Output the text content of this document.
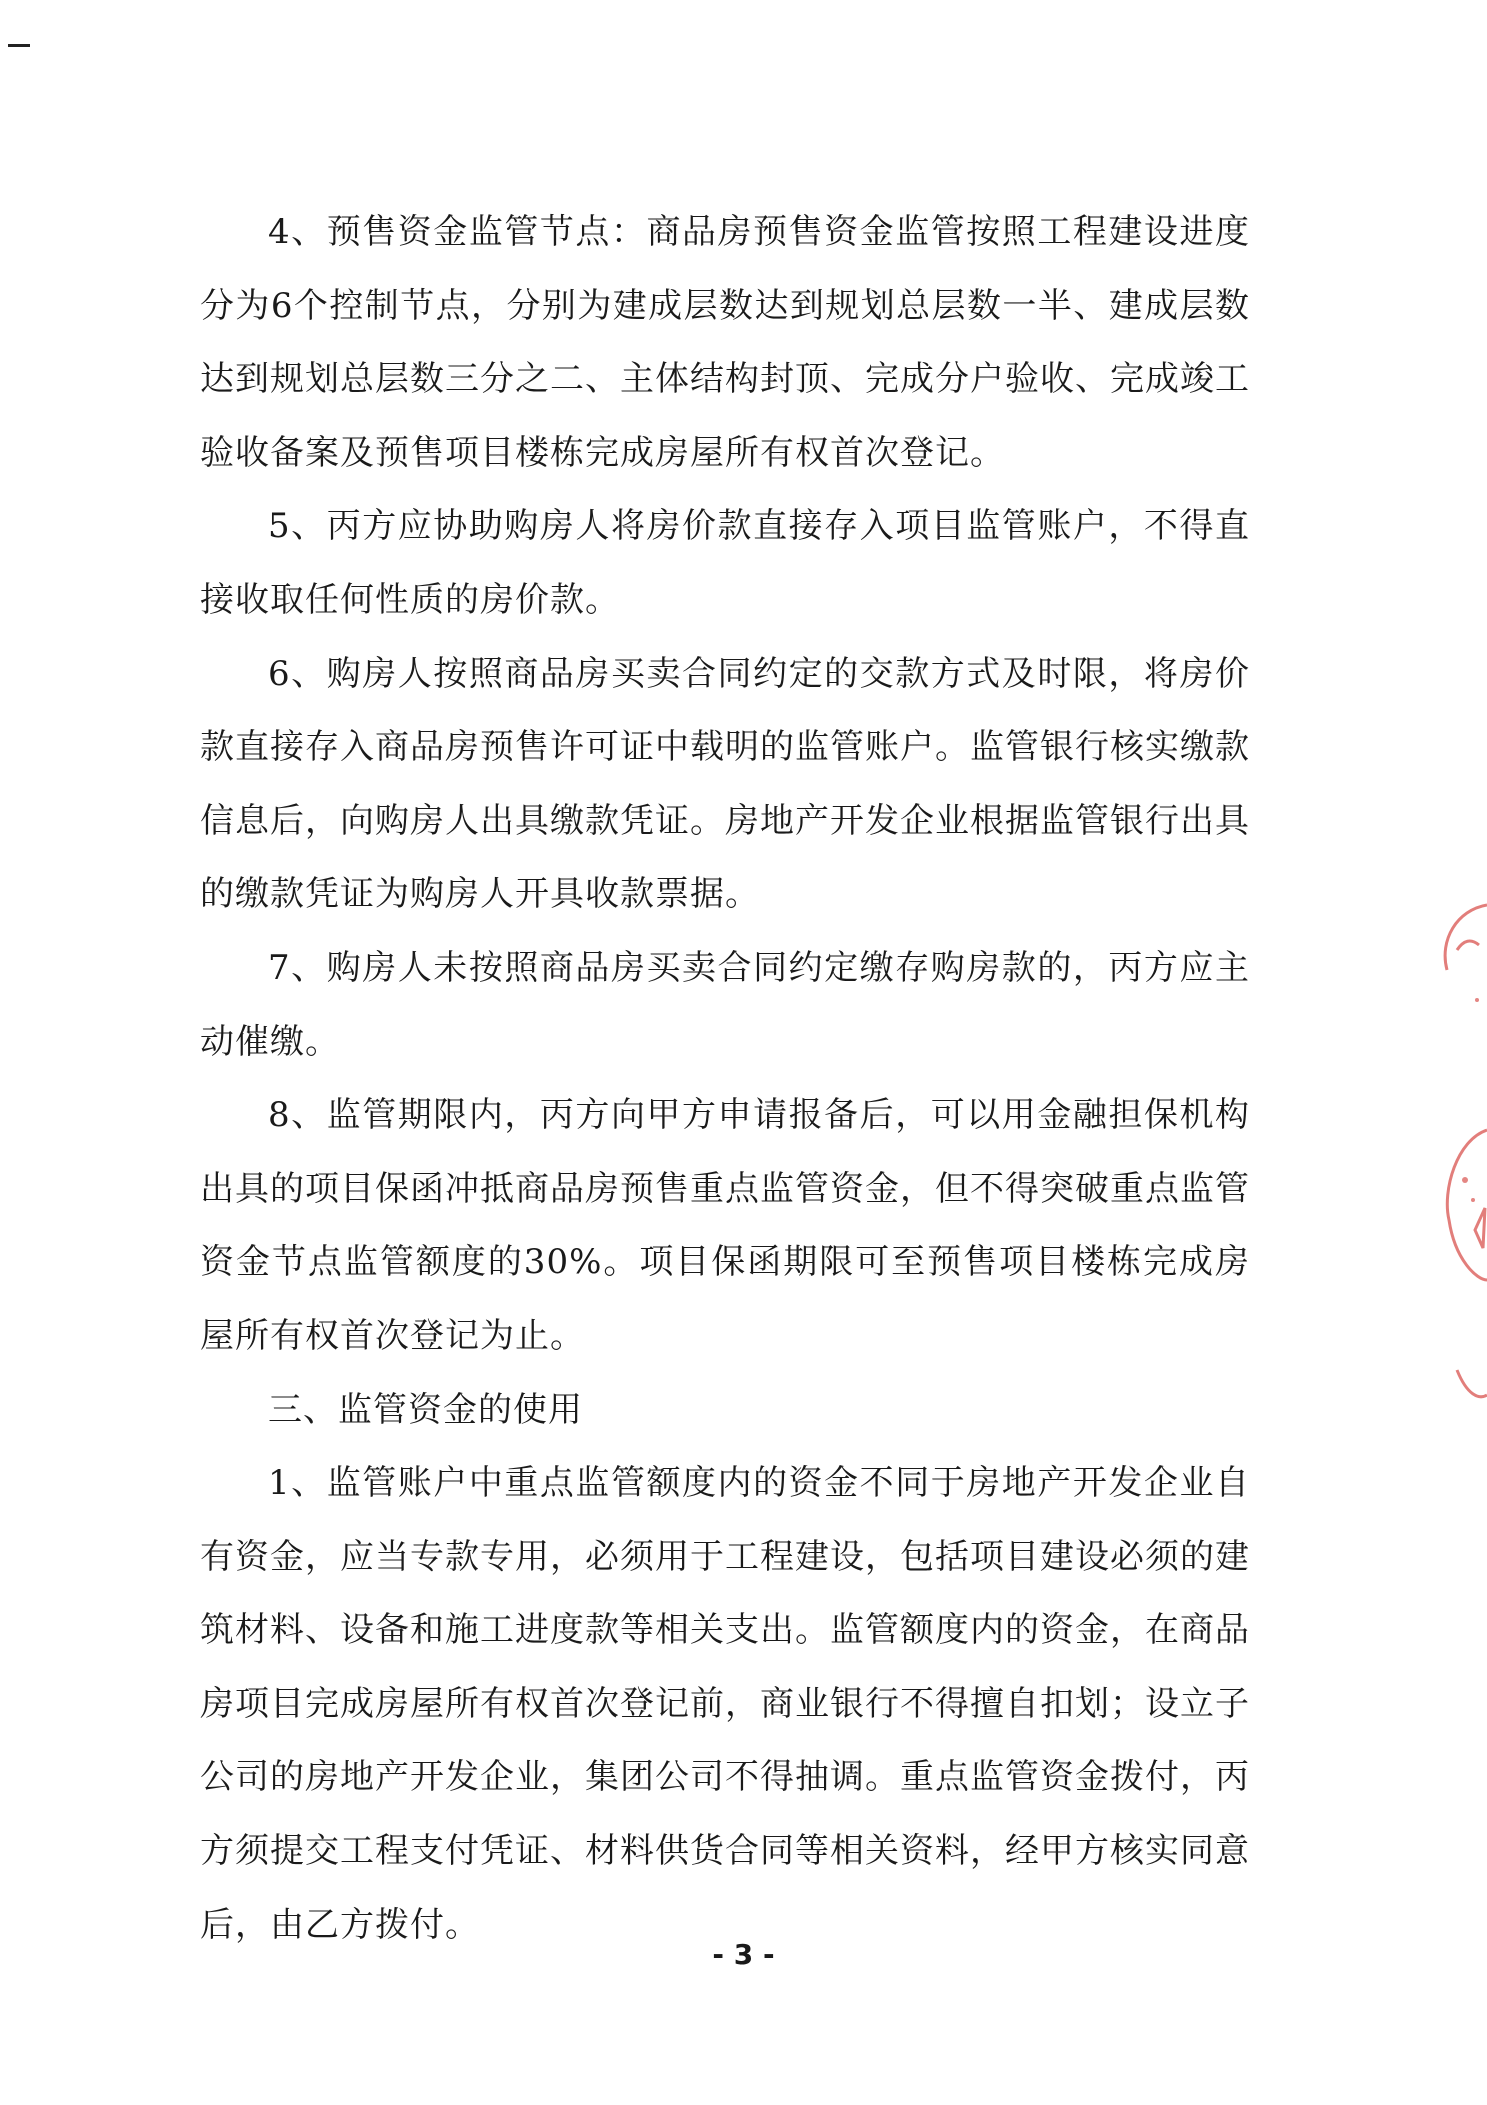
4、预售资金监管节点：商品房预售资金监管按照工程建设进度分为6个控制节点，分别为建成层数达到规划总层数一半、建成层数达到规划总层数三分之二、主体结构封顶、完成分户验收、完成竣工验收备案及预售项目楼栋完成房屋所有权首次登记。

5、丙方应协助购房人将房价款直接存入项目监管账户，不得直接收取任何性质的房价款。

6、购房人按照商品房买卖合同约定的交款方式及时限，将房价款直接存入商品房预售许可证中载明的监管账户。监管银行核实缴款信息后，向购房人出具缴款凭证。房地产开发企业根据监管银行出具的缴款凭证为购房人开具收款票据。

7、购房人未按照商品房买卖合同约定缴存购房款的，丙方应主动催缴。

8、监管期限内，丙方向甲方申请报备后，可以用金融担保机构出具的项目保函冲抵商品房预售重点监管资金，但不得突破重点监管资金节点监管额度的30%。项目保函期限可至预售项目楼栋完成房屋所有权首次登记为止。

三、监管资金的使用

1、监管账户中重点监管额度内的资金不同于房地产开发企业自有资金，应当专款专用，必须用于工程建设，包括项目建设必须的建筑材料、设备和施工进度款等相关支出。监管额度内的资金，在商品房项目完成房屋所有权首次登记前，商业银行不得擅自扣划；设立子公司的房地产开发企业，集团公司不得抽调。重点监管资金拨付，丙方须提交工程支付凭证、材料供货合同等相关资料，经甲方核实同意后，由乙方拨付。

- 3 -
